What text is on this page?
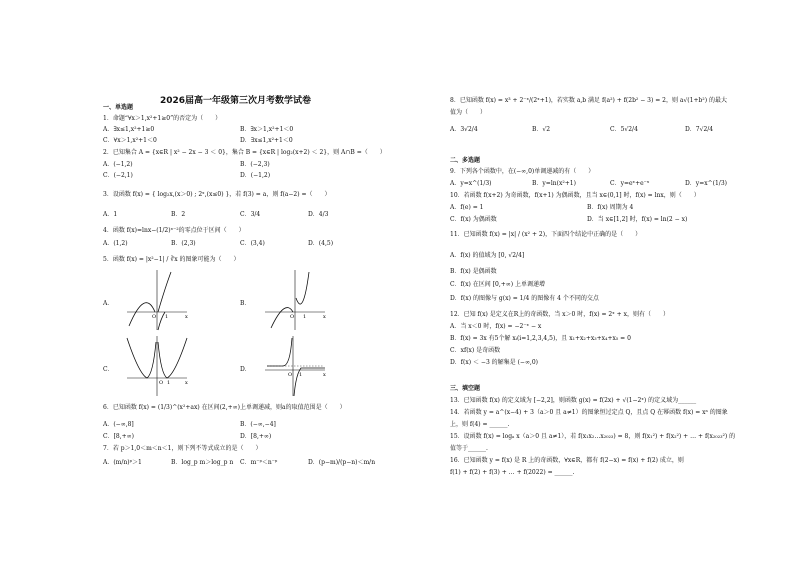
2026届高一年级第三次月考数学试卷
一、单选题
1．命题“∀x＞1,x²+1≥0”的否定为（　　）
A．∃x≤1,x²+1≥0	B．∃x＞1,x²+1＜0
C．∀x＞1,x²+1＜0	D．∃x≤1,x²+1＜0
2．已知集合 A = {x∈R | x² − 2x − 3 ＜ 0}，集合 B = {x∈R | log₂(x+2) ＜ 2}，则 A∩B =（　　）
A．(−1,2)	B．(−2,3)
C．(−2,1)	D．(−1,2)
3．设函数 f(x) = { log₂x,(x＞0) ; 2ˣ,(x≤0) }，若 f(3) = a，则 f(a−2) =（　　）
A．1	B．2	C．3/4	D．4/3
4．函数 f(x)=lnx−(1/2)ˣ⁻²的零点位于区间（　　）
A．(1,2)	B．(2,3)	C．(3,4)	D．(4,5)
5．函数 f(x) = |x²−1| / ∛x 的图象可能为（　　）
A．	B．
C．	D．
O 1	x	O 1	x
O 1	x
O 1	x
6．已知函数 f(x) = (1/3)^(x²+ax) 在区间(2,+∞)上单调递减，则a的取值范围是（　　）
A．(−∞,8]	B．(−∞,−4]
C．[8,+∞)	D．[8,+∞)
7．若 p＞1,0＜m＜n＜1，则下列不等式成立的是（　　）
A．(m/n)ᵖ＞1	B．log_p m＞log_p n C．m⁻ᵖ＜n⁻ᵖ	D．(p−m)/(p−n)＜m/n
8．已知函数 f(x) = x³ + 2⁻ˣ/(2ˣ+1)，若实数 a,b 满足 f(a²) + f(2b² − 3) = 2，则 a√(1+b²) 的最大
值为（　　）
A．3√2/4	B．√2	C．5√2/4	D．7√2/4
二、多选题
9．下列各个函数中，在(−∞,0)单调递减的有（　　）
A．y=x^(1/3)	B．y=ln(x²+1)	C．y=eˣ+e⁻ˣ	D．y=x^(1/3)
10．若函数 f(x+2) 为奇函数，f(x+1) 为偶函数，且当 x∈(0,1] 时，f(x) = lnx，则（　　）
A．f(e) = 1	B．f(x) 周期为 4
C．f(x) 为偶函数	D．当 x∈[1,2] 时，f(x) = ln(2 − x)
11．已知函数 f(x) = |x| / (x² + 2)，下面四个结论中正确的是（　　）
A．f(x) 的值域为 [0, √2/4]
B．f(x) 是偶函数
C．f(x) 在区间 [0,+∞) 上单调递增
D．f(x) 的图像与 g(x) = 1/4 的图像有 4 个不同的交点
12．已知 f(x) 是定义在R上的奇函数，当 x＞0 时，f(x) = 2ˣ + x，则有（　　）
A．当 x＜0 时，f(x) = −2⁻ˣ − x
B．f(x) = 3x 有5个解 xᵢ(i=1,2,3,4,5)，且 x₁+x₂+x₃+x₄+x₅ = 0
C．xf(x) 是奇函数
D．f(x) ＜ −3 的解集是 (−∞,0)
三、填空题
13．已知函数 f(x) 的定义域为 [−2,2]，则函数 g(x) = f(2x) + √(1−2ˣ) 的定义域为______
14．若函数 y = a^(x−4) + 3（a＞0 且 a≠1）的图象恒过定点 Q，且点 Q 在幂函数 f(x) = xᵃ 的图象
上，则 f(4) = ______.
15．设函数 f(x) = logₐ x（a＞0 且 a≠1），若 f(x₁x₂…x₂₀₂₃) = 8，则 f(x₁²) + f(x₂²) + … + f(x₂₀₂₃²) 的
值等于______.
16．已知函数 y = f(x) 是 R 上的奇函数，∀x∈R，都有 f(2−x) = f(x) + f(2) 成立，则
f(1) + f(2) + f(3) + … + f(2022) = ______.
